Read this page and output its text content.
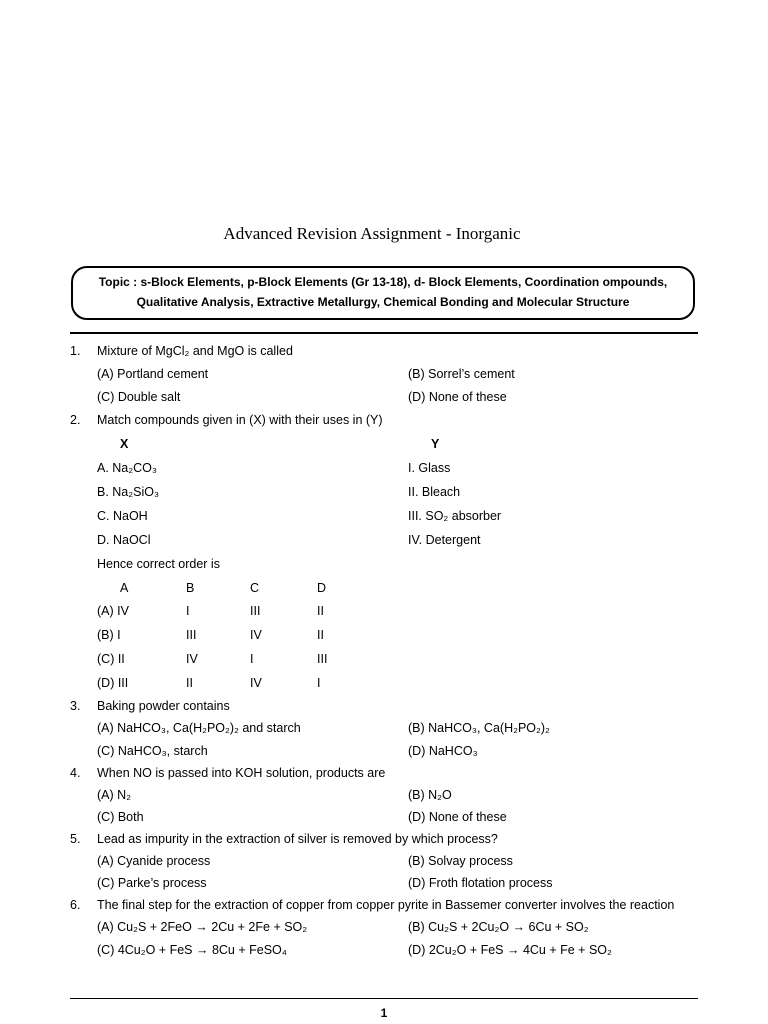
Advanced Revision Assignment - Inorganic
Topic : s-Block Elements, p-Block Elements (Gr 13-18), d- Block Elements, Coordination ompounds,
Qualitative Analysis, Extractive Metallurgy, Chemical Bonding and Molecular Structure
1. Mixture of MgCl₂ and MgO is called
(A) Portland cement	(B) Sorrel’s cement
(C) Double salt	(D) None of these
2. Match compounds given in (X) with their uses in (Y)
X	Y
A. Na₂CO₃	I. Glass
B. Na₂SiO₃	II. Bleach
C. NaOH	III. SO₂ absorber
D. NaOCl	IV. Detergent
Hence correct order is
A	B	C	D
(A) IV	I	III	II
(B) I	III	IV	II
(C) II	IV	I	III
(D) III	II	IV	I
3. Baking powder contains
(A) NaHCO₃, Ca(H₂PO₂)₂ and starch	(B) NaHCO₃, Ca(H₂PO₂)₂
(C) NaHCO₃, starch	(D) NaHCO₃
4. When NO is passed into KOH solution, products are
(A) N₂	(B) N₂O
(C) Both	(D) None of these
5. Lead as impurity in the extraction of silver is removed by which process?
(A) Cyanide process	(B) Solvay process
(C) Parke’s process	(D) Froth flotation process
6. The final step for the extraction of copper from copper pyrite in Bassemer converter involves the reaction
(A) Cu₂S + 2FeO → 2Cu + 2Fe + SO₂	(B) Cu₂S + 2Cu₂O → 6Cu + SO₂
(C) 4Cu₂O + FeS → 8Cu + FeSO₄	(D) 2Cu₂O + FeS → 4Cu + Fe + SO₂
1
